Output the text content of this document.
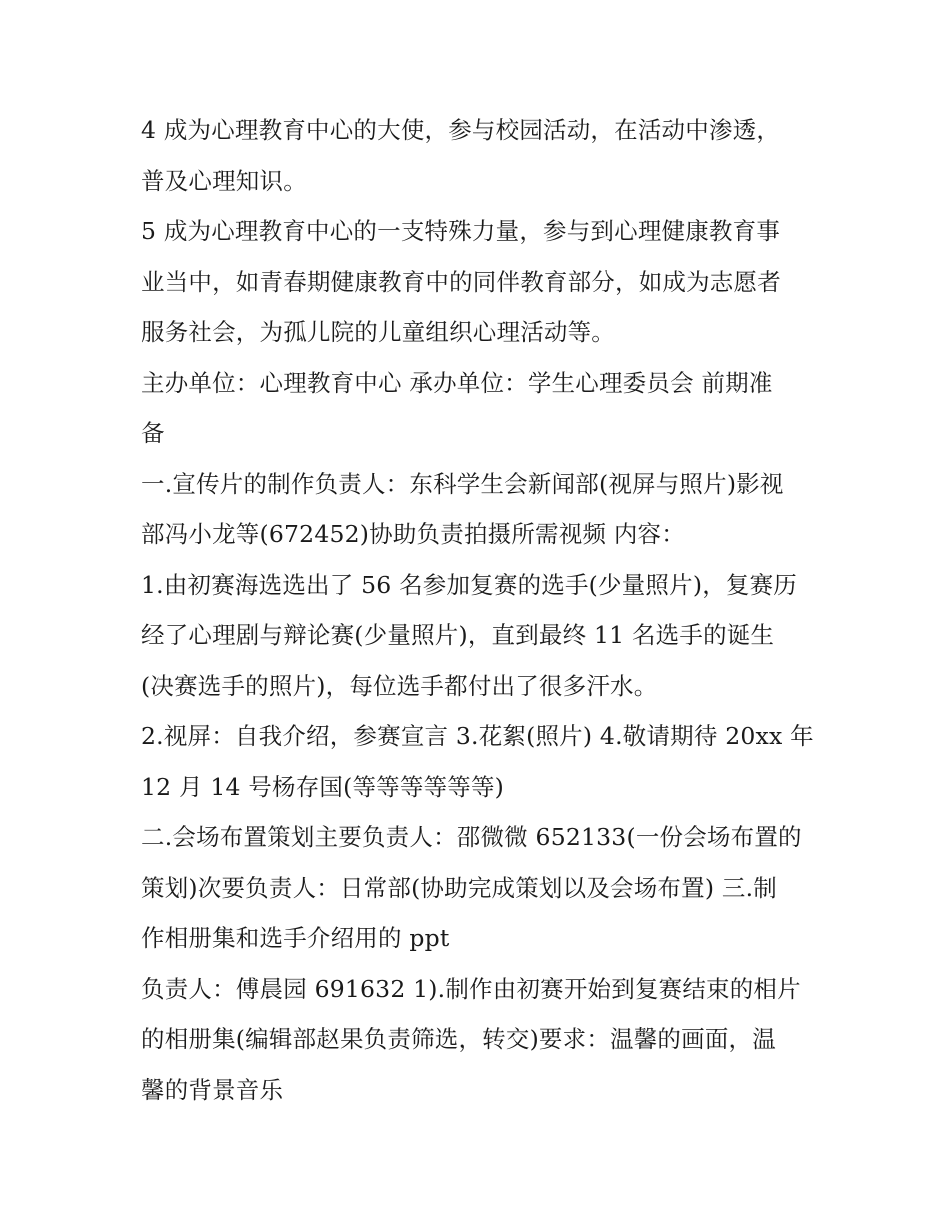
4 成为心理教育中心的大使，参与校园活动，在活动中渗透，
普及心理知识。
5 成为心理教育中心的一支特殊力量，参与到心理健康教育事
业当中，如青春期健康教育中的同伴教育部分，如成为志愿者
服务社会，为孤儿院的儿童组织心理活动等。
主办单位：心理教育中心 承办单位：学生心理委员会 前期准
备
一.宣传片的制作负责人：东科学生会新闻部(视屏与照片)影视
部冯小龙等(672452)协助负责拍摄所需视频 内容：
1.由初赛海选选出了 56 名参加复赛的选手(少量照片)，复赛历
经了心理剧与辩论赛(少量照片)，直到最终 11 名选手的诞生
(决赛选手的照片)，每位选手都付出了很多汗水。
2.视屏：自我介绍，参赛宣言 3.花絮(照片) 4.敬请期待 20xx 年
12 月 14 号杨存国(等等等等等等)
二.会场布置策划主要负责人：邵微微 652133(一份会场布置的
策划)次要负责人：日常部(协助完成策划以及会场布置) 三.制
作相册集和选手介绍用的 ppt
负责人：傅晨园 691632 1).制作由初赛开始到复赛结束的相片
的相册集(编辑部赵果负责筛选，转交)要求：温馨的画面，温
馨的背景音乐
